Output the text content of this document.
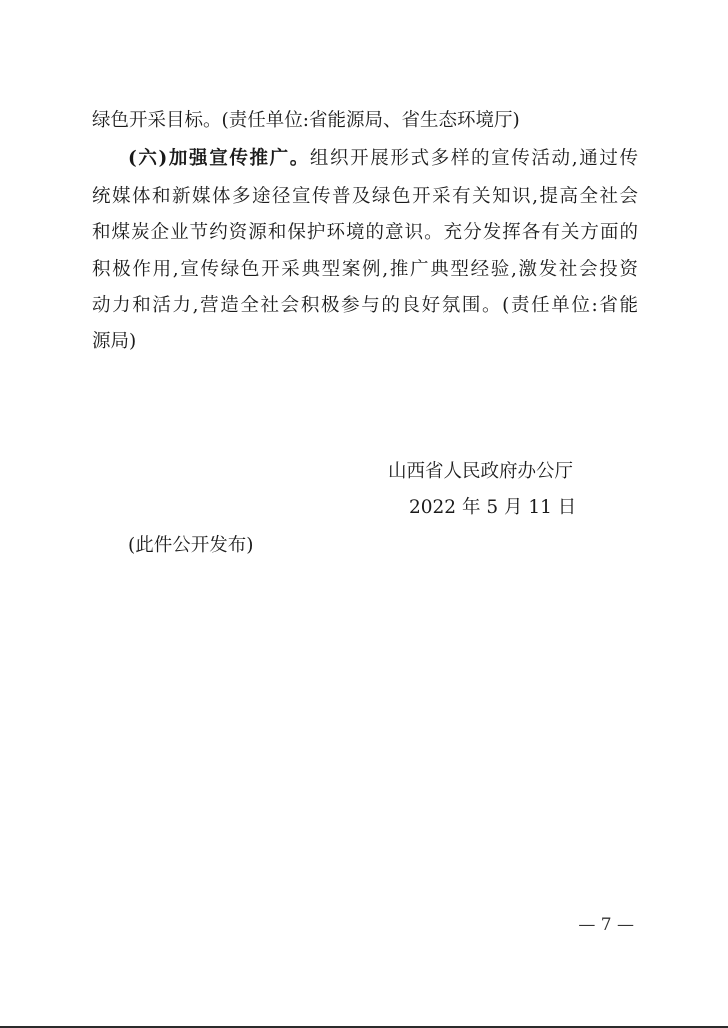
绿色开采目标。(责任单位:省能源局、省生态环境厅)
(六)加强宣传推广。组织开展形式多样的宣传活动,通过传
统媒体和新媒体多途径宣传普及绿色开采有关知识,提高全社会
和煤炭企业节约资源和保护环境的意识。充分发挥各有关方面的
积极作用,宣传绿色开采典型案例,推广典型经验,激发社会投资
动力和活力,营造全社会积极参与的良好氛围。(责任单位:省能
源局)
山西省人民政府办公厅
2022 年 5 月 11 日
(此件公开发布)
— 7 —
